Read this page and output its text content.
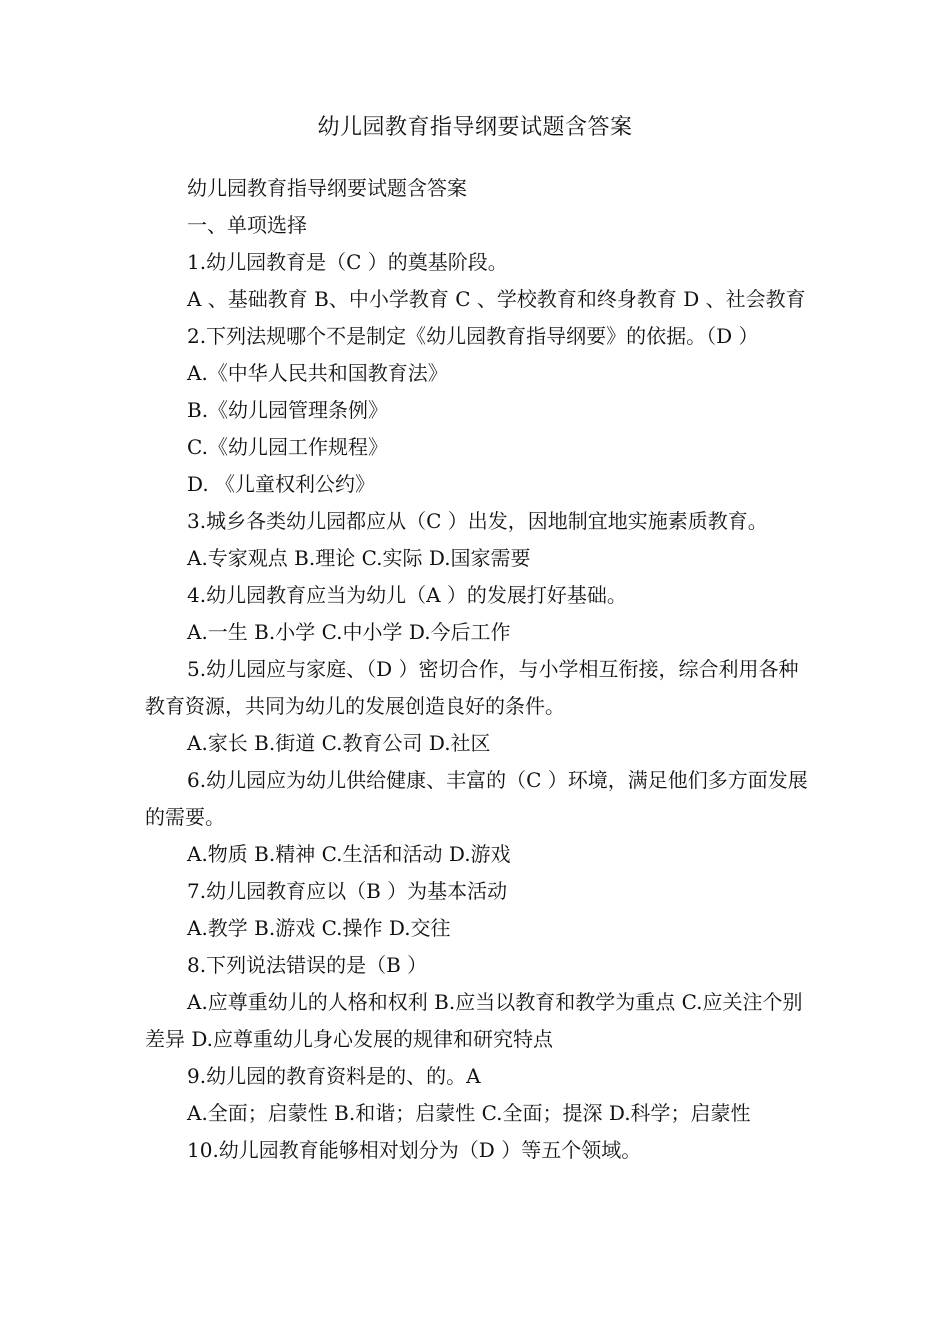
幼儿园教育指导纲要试题含答案

幼儿园教育指导纲要试题含答案

一、单项选择

1.幼儿园教育是（C ）的奠基阶段。

A 、基础教育 B、中小学教育 C 、学校教育和终身教育 D 、社会教育

2.下列法规哪个不是制定《幼儿园教育指导纲要》的依据。（D ）

A.《中华人民共和国教育法》

B.《幼儿园管理条例》

C.《幼儿园工作规程》

D. 《儿童权利公约》

3.城乡各类幼儿园都应从（C ）出发，因地制宜地实施素质教育。

A.专家观点 B.理论 C.实际 D.国家需要

4.幼儿园教育应当为幼儿（A ）的发展打好基础。

A.一生 B.小学 C.中小学 D.今后工作

5.幼儿园应与家庭、（D ）密切合作，与小学相互衔接，综合利用各种教育资源，共同为幼儿的发展创造良好的条件。

A.家长 B.街道 C.教育公司 D.社区

6.幼儿园应为幼儿供给健康、丰富的（C ）环境，满足他们多方面发展的需要。

A.物质 B.精神 C.生活和活动 D.游戏

7.幼儿园教育应以（B ）为基本活动

A.教学 B.游戏 C.操作 D.交往

8.下列说法错误的是（B ）

A.应尊重幼儿的人格和权利 B.应当以教育和教学为重点 C.应关注个别差异 D.应尊重幼儿身心发展的规律和研究特点

9.幼儿园的教育资料是的、的。A

A.全面；启蒙性 B.和谐；启蒙性 C.全面；提深 D.科学；启蒙性

10.幼儿园教育能够相对划分为（D ）等五个领域。
